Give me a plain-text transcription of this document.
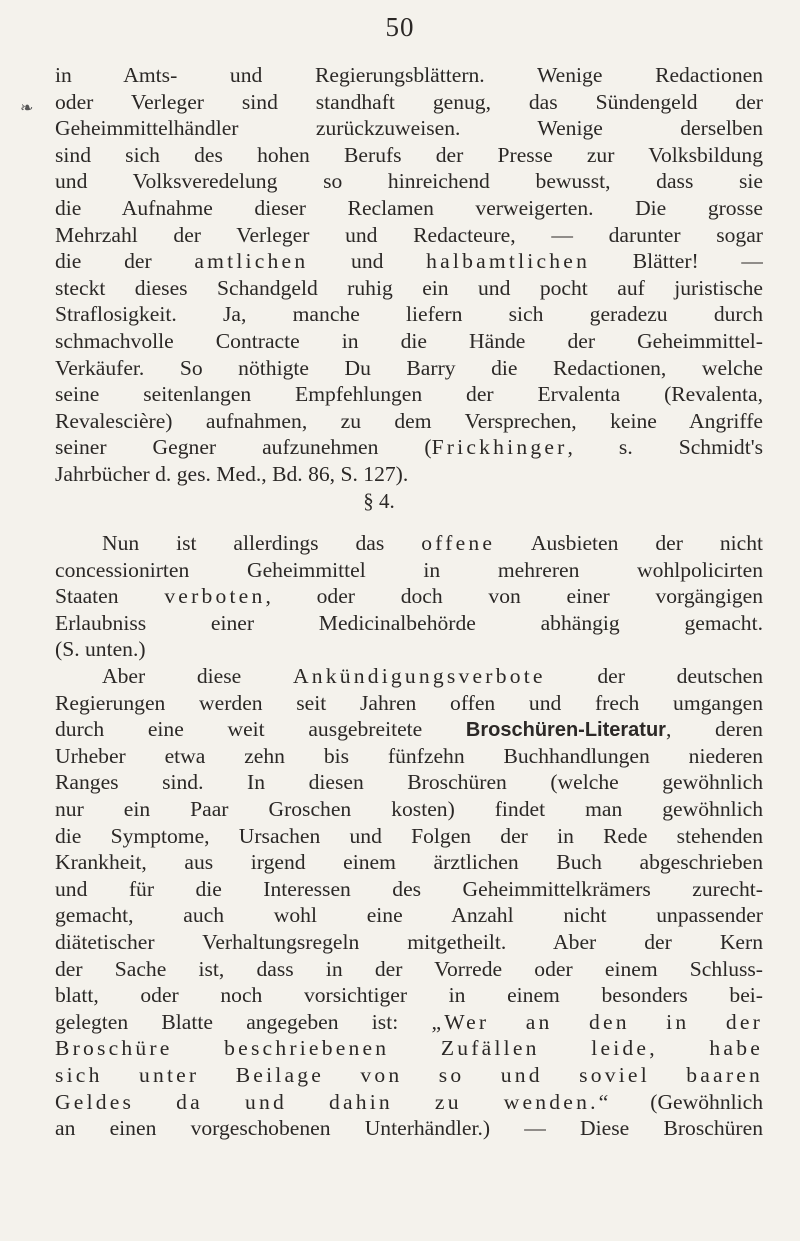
50
❧
in Amts- und Regierungsblättern. Wenige Redactionen
oder Verleger sind standhaft genug, das Sündengeld der
Geheimmittelhändler zurückzuweisen. Wenige derselben
sind sich des hohen Berufs der Presse zur Volksbildung
und Volksveredelung so hinreichend bewusst, dass sie
die Aufnahme dieser Reclamen verweigerten. Die grosse
Mehrzahl der Verleger und Redacteure, — darunter sogar
die der amtlichen und halbamtlichen Blätter! —
steckt dieses Schandgeld ruhig ein und pocht auf juristische
Straflosigkeit. Ja, manche liefern sich geradezu durch
schmachvolle Contracte in die Hände der Geheimmittel-
Verkäufer. So nöthigte Du Barry die Redactionen, welche
seine seitenlangen Empfehlungen der Ervalenta (Revalenta,
Revalescière) aufnahmen, zu dem Versprechen, keine Angriffe
seiner Gegner aufzunehmen (Frickhinger, s. Schmidt's
Jahrbücher d. ges. Med., Bd. 86, S. 127).
§ 4.
Nun ist allerdings das offene Ausbieten der nicht
concessionirten Geheimmittel in mehreren wohlpolicirten
Staaten verboten, oder doch von einer vorgängigen
Erlaubniss einer Medicinalbehörde abhängig gemacht.
(S. unten.)
Aber diese Ankündigungsverbote der deutschen
Regierungen werden seit Jahren offen und frech umgangen
durch eine weit ausgebreitete Broschüren-Literatur, deren
Urheber etwa zehn bis fünfzehn Buchhandlungen niederen
Ranges sind. In diesen Broschüren (welche gewöhnlich
nur ein Paar Groschen kosten) findet man gewöhnlich
die Symptome, Ursachen und Folgen der in Rede stehenden
Krankheit, aus irgend einem ärztlichen Buch abgeschrieben
und für die Interessen des Geheimmittelkrämers zurecht-
gemacht, auch wohl eine Anzahl nicht unpassender
diätetischer Verhaltungsregeln mitgetheilt. Aber der Kern
der Sache ist, dass in der Vorrede oder einem Schluss-
blatt, oder noch vorsichtiger in einem besonders bei-
gelegten Blatte angegeben ist: „Wer an den in der
Broschüre beschriebenen Zufällen leide, habe
sich unter Beilage von so und soviel baaren
Geldes da und dahin zu wenden.“ (Gewöhnlich
an einen vorgeschobenen Unterhändler.) — Diese Broschüren
